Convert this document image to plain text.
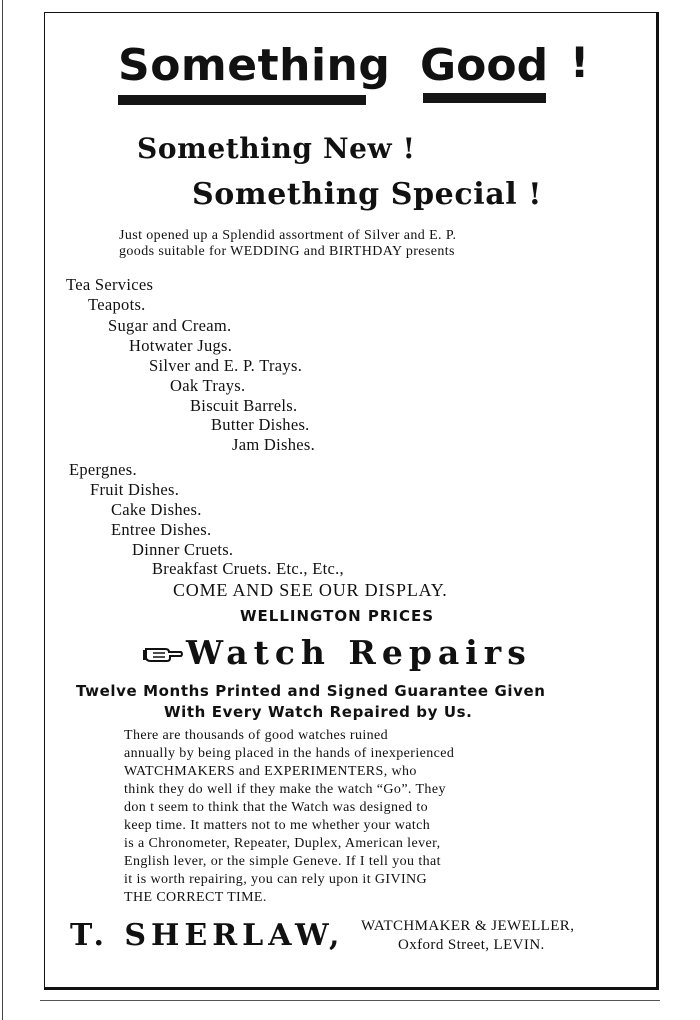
Something Good !
Something New !
Something Special !
Just opened up a Splendid assortment of Silver and E. P.
goods suitable for WEDDING and BIRTHDAY presents
Tea Services
Teapots.
Sugar and Cream.
Hotwater Jugs.
Silver and E. P. Trays.
Oak Trays.
Biscuit Barrels.
Butter Dishes.
Jam Dishes.
Epergnes.
Fruit Dishes.
Cake Dishes.
Entree Dishes.
Dinner Cruets.
Breakfast Cruets. Etc., Etc.,
COME AND SEE OUR DISPLAY.
WELLINGTON PRICES
Watch Repairs
Twelve Months Printed and Signed Guarantee Given
With Every Watch Repaired by Us.
There are thousands of good watches ruined
annually by being placed in the hands of inexperienced
WATCHMAKERS and EXPERIMENTERS, who
think they do well if they make the watch “Go”. They
don t seem to think that the Watch was designed to
keep time. It matters not to me whether your watch
is a Chronometer, Repeater, Duplex, American lever,
English lever, or the simple Geneve. If I tell you that
it is worth repairing, you can rely upon it GIVING
THE CORRECT TIME.
T. SHERLAW, WATCHMAKER & JEWELLER,
Oxford Street, LEVIN.
